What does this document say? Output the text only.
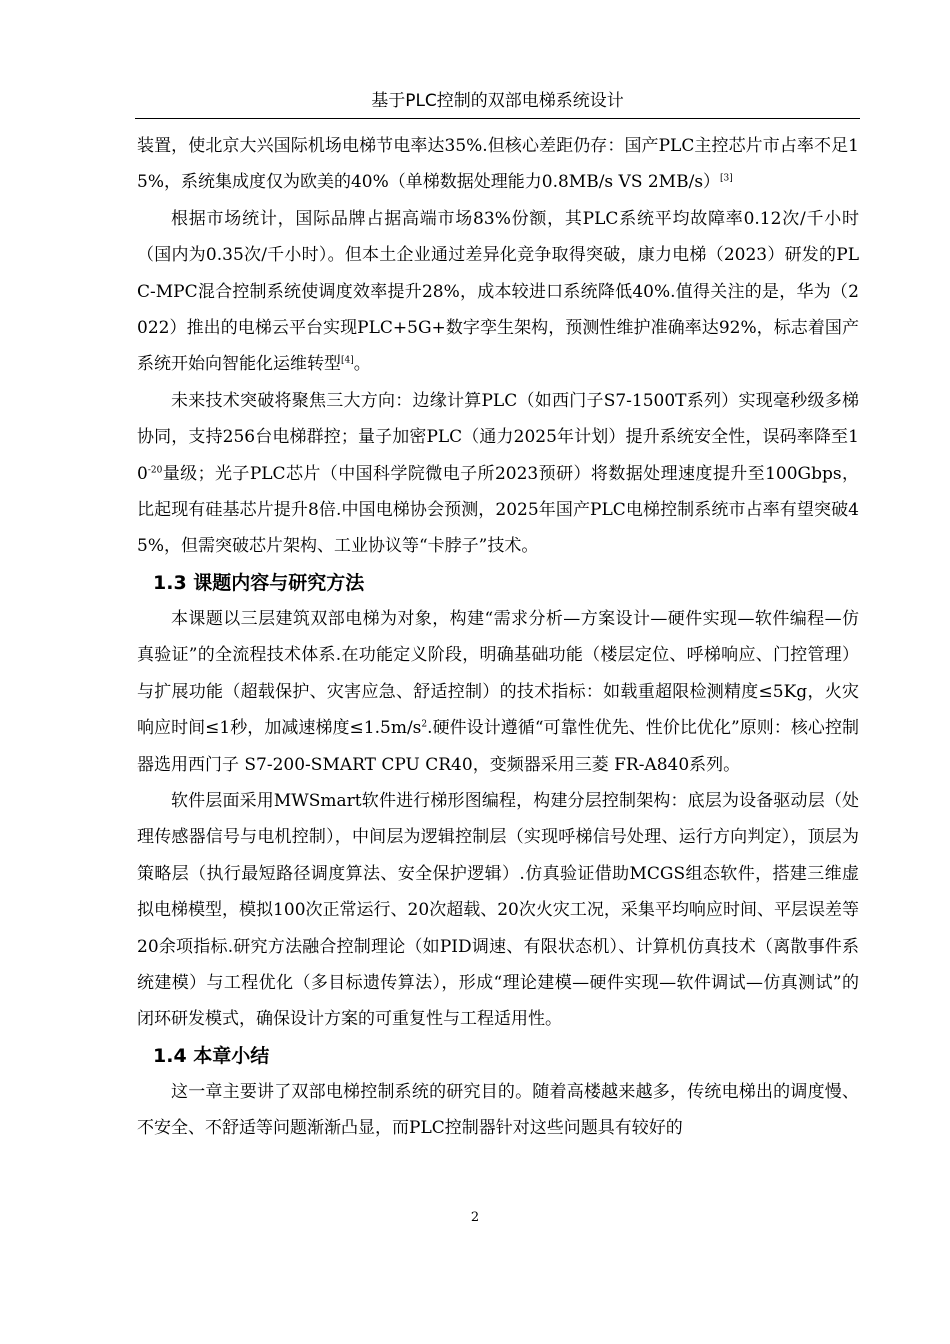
基于PLC控制的双部电梯系统设计

装置，使北京大兴国际机场电梯节电率达35%.但核心差距仍存：国产PLC主控芯片市占率不足15%，系统集成度仅为欧美的40%（单梯数据处理能力0.8MB/s VS 2MB/s）[3]

根据市场统计，国际品牌占据高端市场83%份额，其PLC系统平均故障率0.12次/千小时（国内为0.35次/千小时）。但本土企业通过差异化竞争取得突破，康力电梯（2023）研发的PLC-MPC混合控制系统使调度效率提升28%，成本较进口系统降低40%.值得关注的是，华为（2022）推出的电梯云平台实现PLC+5G+数字孪生架构，预测性维护准确率达92%，标志着国产系统开始向智能化运维转型[4]。

未来技术突破将聚焦三大方向：边缘计算PLC（如西门子S7-1500T系列）实现毫秒级多梯协同，支持256台电梯群控；量子加密PLC（通力2025年计划）提升系统安全性，误码率降至$10^{-20}$量级；光子PLC芯片（中国科学院微电子所2023预研）将数据处理速度提升至100Gbps，比起现有硅基芯片提升8倍.中国电梯协会预测，2025年国产PLC电梯控制系统市占率有望突破45%，但需突破芯片架构、工业协议等“卡脖子”技术。

1.3 课题内容与研究方法

本课题以三层建筑双部电梯为对象，构建“需求分析—方案设计—硬件实现—软件编程—仿真验证”的全流程技术体系.在功能定义阶段，明确基础功能（楼层定位、呼梯响应、门控管理）与扩展功能（超载保护、灾害应急、舒适控制）的技术指标：如载重超限检测精度≤5Kg，火灾响应时间≤1秒，加减速梯度$\le 1.5m/s^2$.硬件设计遵循“可靠性优先、性价比优化”原则：核心控制器选用西门子 S7-200-SMART CPU CR40，变频器采用三菱 FR-A840系列。

软件层面采用MWSmart软件进行梯形图编程，构建分层控制架构：底层为设备驱动层（处理传感器信号与电机控制），中间层为逻辑控制层（实现呼梯信号处理、运行方向判定），顶层为策略层（执行最短路径调度算法、安全保护逻辑）.仿真验证借助MCGS组态软件，搭建三维虚拟电梯模型，模拟100次正常运行、20次超载、20次火灾工况，采集平均响应时间、平层误差等20余项指标.研究方法融合控制理论（如PID调速、有限状态机）、计算机仿真技术（离散事件系统建模）与工程优化（多目标遗传算法），形成“理论建模—硬件实现—软件调试—仿真测试”的闭环研发模式，确保设计方案的可重复性与工程适用性。

1.4 本章小结

这一章主要讲了双部电梯控制系统的研究目的。随着高楼越来越多，传统电梯出的调度慢、不安全、不舒适等问题渐渐凸显，而PLC控制器针对这些问题具有较好的

2
